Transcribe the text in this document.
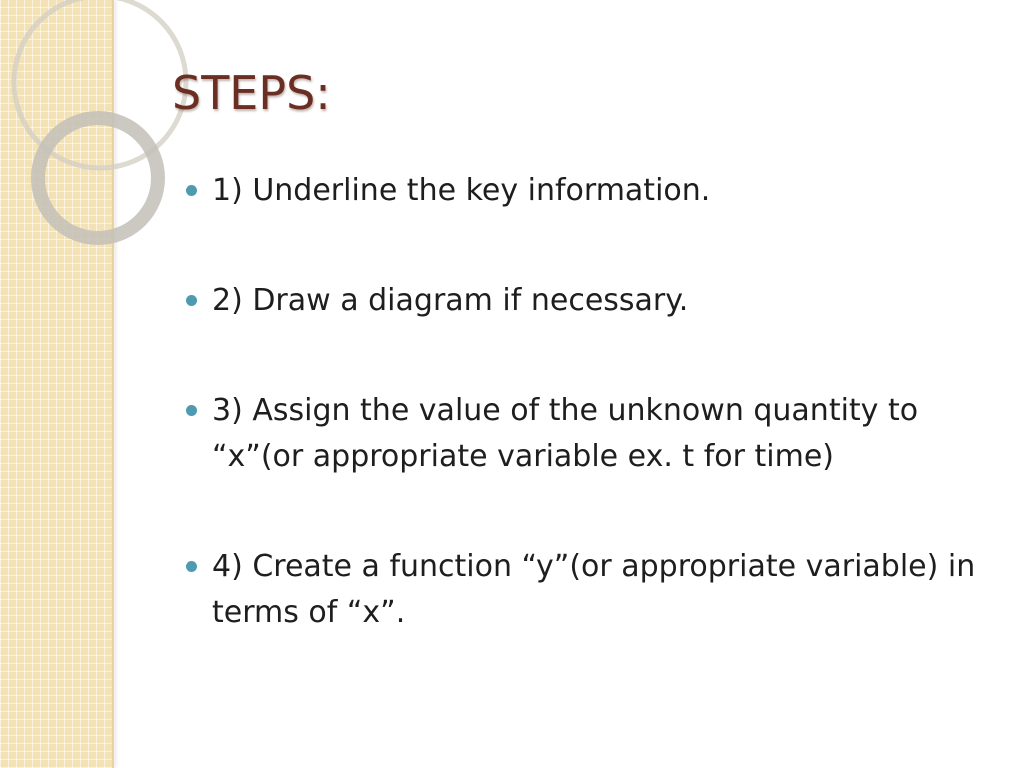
STEPS:
1) Underline the key information.
2) Draw a diagram if necessary.
3) Assign the value of the unknown quantity to “x”(or appropriate variable ex. t for time)
4) Create a function “y”(or appropriate variable) in terms of “x”.
